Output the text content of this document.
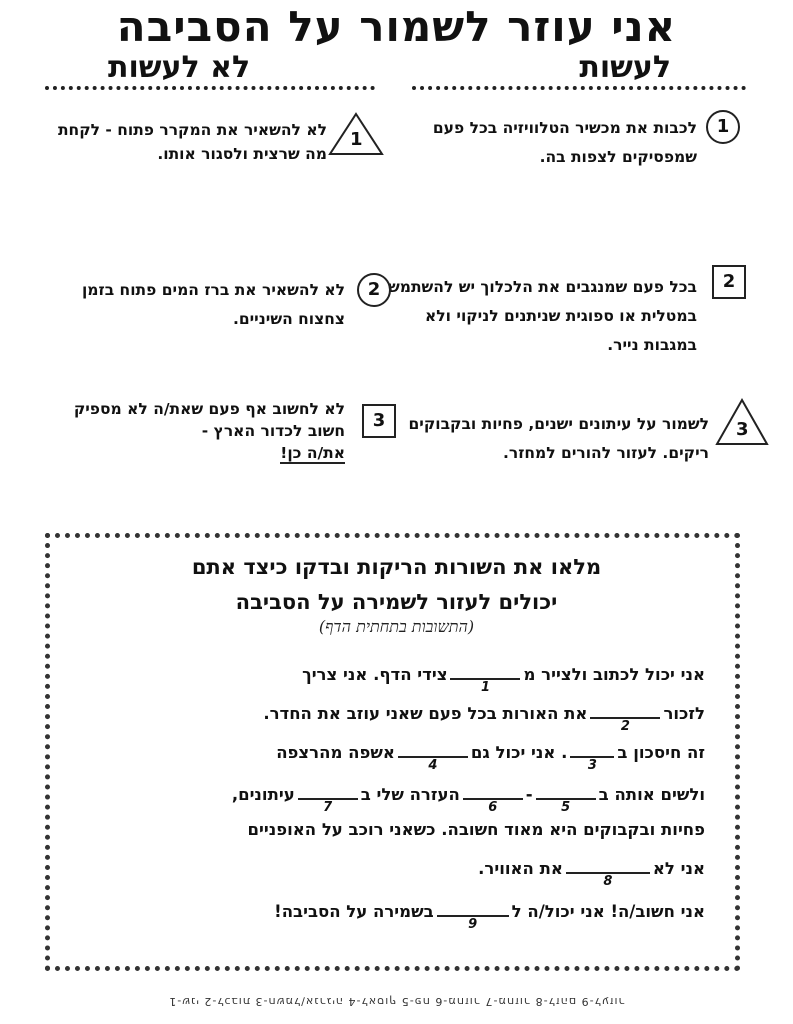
אני עוזר לשמור על הסביבה
לעשות
לא לעשות
1
לכבות את מכשיר הטלוויזיה בכל פעם שמפסיקים לצפות בה.
2
בכל פעם שמנגבים את הלכלוך יש להשתמש במטלית או ספוגית שניתנים לניקוי ולא במגבות נייר.
3
לשמור על עיתונים ישנים, פחיות ובקבוקים ריקים. לעזור להורים למחזר.
1
לא להשאיר את המקרר פתוח - לקחת מה שרצית ולסגור אותו.
2
לא להשאיר את ברז המים פתוח בזמן צחצוח השיניים.
3
לא לחשוב אף פעם שאת/ה לא מספיק חשוב לכדור הארץ -
את/ה כן!
מלאו את השורות הריקות ובדקו כיצד אתם
יכולים לעזור לשמירה על הסביבה
(התשובות בתחתית הדף)
אני יכול לכתוב ולצייר מ
1
צידי הדף. אני צריך
לזכור
2
את האורות בכל פעם שאני עוזב את החדר.
זה חיסכון ב
3
. אני יכול גם
4
אשפה מהרצפה
ולשים אותה ב
5
-
6
העזרה שלי ב
7
עיתונים,
פחיות ובקבוקים היא מאוד חשובה. כשאני רוכב על האופניים
אני לא
8
את האוויר.
אני חשוב/ה! אני יכול/ה ל
9
בשמירה על הסביבה!
1-שני 2-לכבות 3-חשמל/אנרגיה 4-לאסוף 5-פח 6-מחזור 7-מחזור 8-לזהם 9-לעזור
